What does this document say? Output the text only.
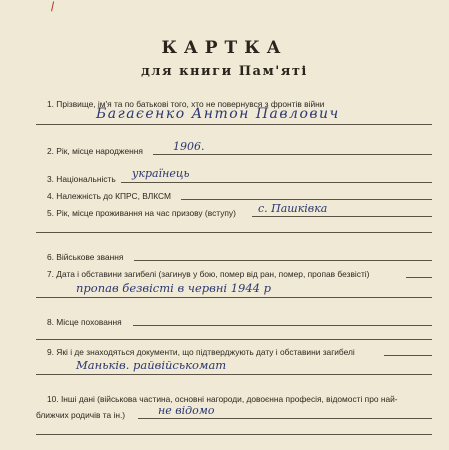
КАРТКА
для книги Пам'яті
1. Прізвище, ім'я та по батькові того, хто не повернувся з фронтів війни
Багаєенко Антон Павлович
2. Рік, місце народження	1906.
3. Національність українець
4. Належність до КПРС, ВЛКСМ
5. Рік, місце проживання на час призову (вступу) с. Пашківка
6. Військове звання
7. Дата і обставини загибелі (загинув у бою, помер від ран, помер, пропав безвісті)
пропав безвісті в червні 1944 р
8. Місце поховання
9. Які і де знаходяться документи, що підтверджують дату і обставини загибелі
Маньків. райвійськомат
10. Інші дані (військова частина, основні нагороди, довоєнна професія, відомості про най-
ближчих родичів та ін.)	не відомо
